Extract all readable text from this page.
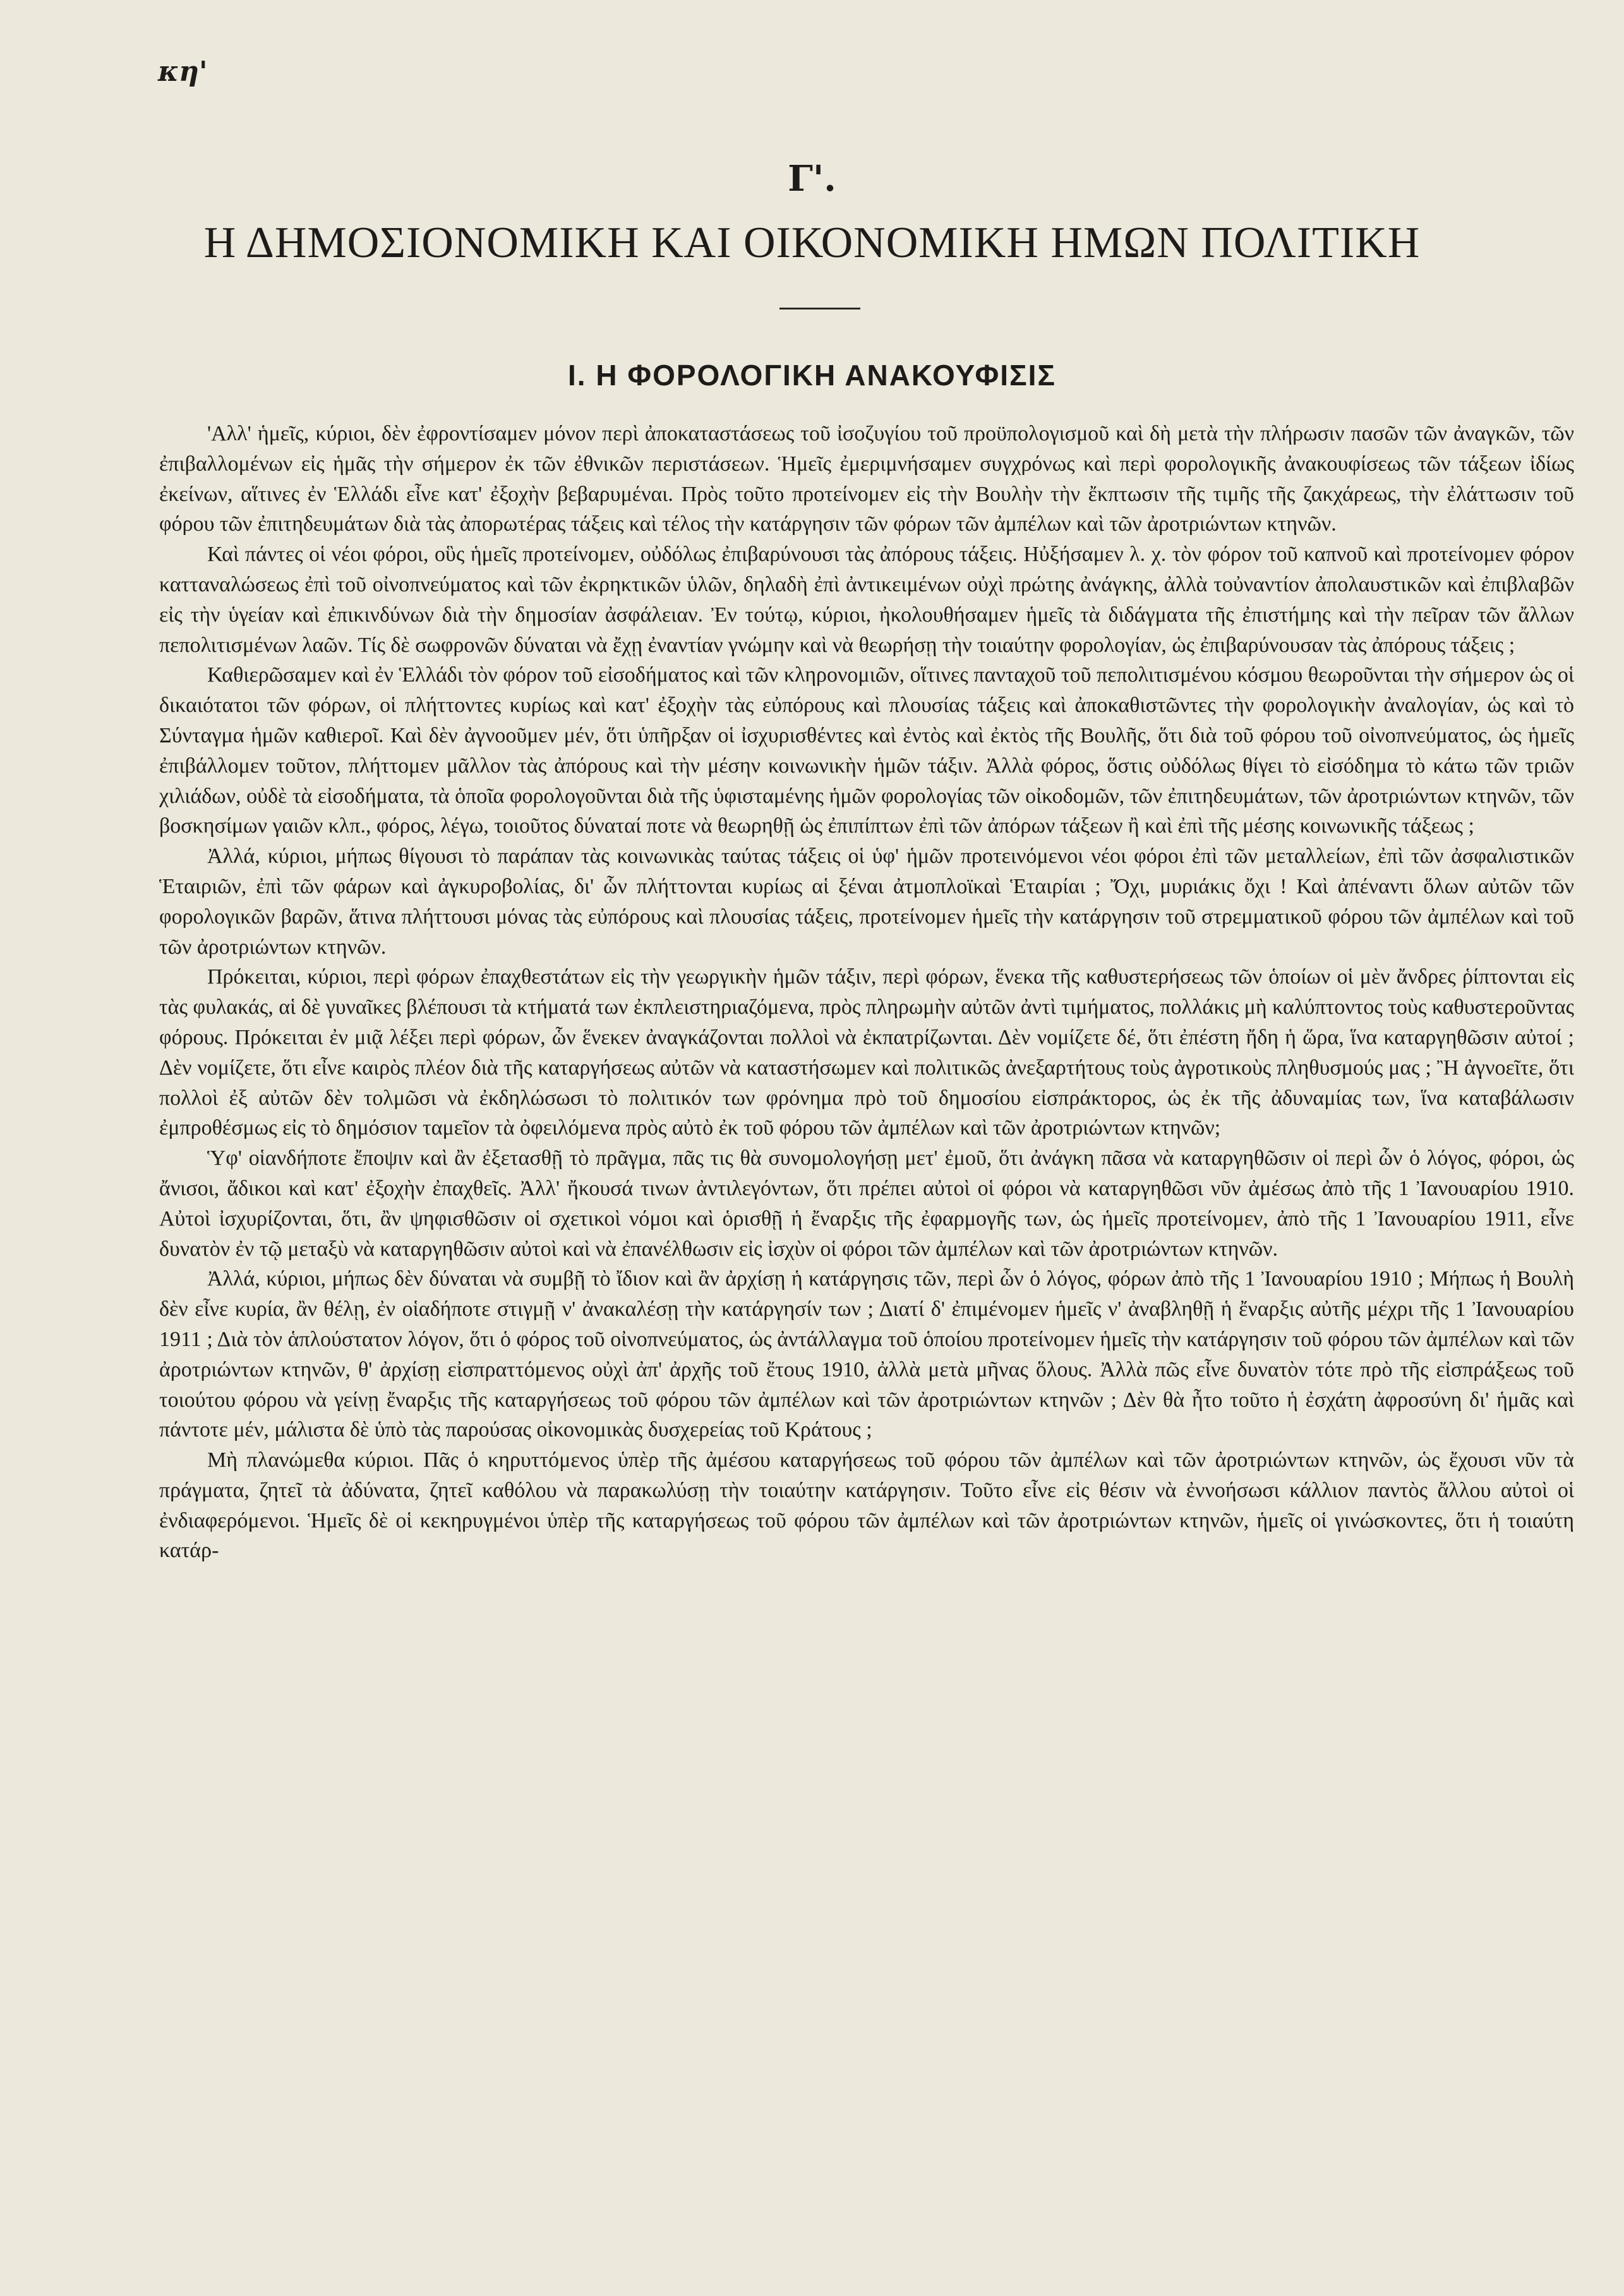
κη'
Γ'.
Η ΔΗΜΟΣΙΟΝΟΜΙΚΗ ΚΑΙ ΟΙΚΟΝΟΜΙΚΗ ΗΜΩΝ ΠΟΛΙΤΙΚΗ
I. Η ΦΟΡΟΛΟΓΙΚΗ ΑΝΑΚΟΥΦΙΣΙΣ

'Αλλ' ἡμεῖς, κύριοι, δὲν ἐφροντίσαμεν μόνον περὶ ἀποκαταστάσεως τοῦ ἰσοζυγίου τοῦ προϋπολογισμοῦ καὶ δὴ μετὰ τὴν πλήρωσιν πασῶν τῶν ἀναγκῶν, τῶν ἐπιβαλλομένων εἰς ἡμᾶς τὴν σήμερον ἐκ τῶν ἐθνικῶν περιστάσεων. Ἡμεῖς ἐμεριμνήσαμεν συγχρόνως καὶ περὶ φορολογικῆς ἀνακουφίσεως τῶν τάξεων ἰδίως ἐκείνων, αἵτινες ἐν Ἑλλάδι εἶνε κατ' ἐξοχὴν βεβαρυμέναι. Πρὸς τοῦτο προτείνομεν εἰς τὴν Βουλὴν τὴν ἔκπτωσιν τῆς τιμῆς τῆς ζακχάρεως, τὴν ἐλάττωσιν τοῦ φόρου τῶν ἐπιτηδευμάτων διὰ τὰς ἀπορωτέρας τάξεις καὶ τέλος τὴν κατάργησιν τῶν φόρων τῶν ἀμπέλων καὶ τῶν ἀροτριώντων κτηνῶν.

Καὶ πάντες οἱ νέοι φόροι, οὓς ἡμεῖς προτείνομεν, οὐδόλως ἐπιβαρύνουσι τὰς ἀπόρους τάξεις. Ηὐξήσαμεν λ. χ. τὸν φόρον τοῦ καπνοῦ καὶ προτείνομεν φόρον κατταναλώσεως ἐπὶ τοῦ οἰνοπνεύματος καὶ τῶν ἐκρηκτικῶν ὑλῶν, δηλαδὴ ἐπὶ ἀντικειμένων οὐχὶ πρώτης ἀνάγκης, ἀλλὰ τοὐναντίον ἀπολαυστικῶν καὶ ἐπιβλαβῶν εἰς τὴν ὑγείαν καὶ ἐπικινδύνων διὰ τὴν δημοσίαν ἀσφάλειαν. Ἐν τούτῳ, κύριοι, ἠκολουθήσαμεν ἡμεῖς τὰ διδάγματα τῆς ἐπιστήμης καὶ τὴν πεῖραν τῶν ἄλλων πεπολιτισμένων λαῶν. Τίς δὲ σωφρονῶν δύναται νὰ ἔχῃ ἐναντίαν γνώμην καὶ νὰ θεωρήσῃ τὴν τοιαύτην φορολογίαν, ὡς ἐπιβαρύνουσαν τὰς ἀπόρους τάξεις ;

Καθιερῶσαμεν καὶ ἐν Ἑλλάδι τὸν φόρον τοῦ εἰσοδήματος καὶ τῶν κληρονομιῶν, οἵτινες πανταχοῦ τοῦ πεπολιτισμένου κόσμου θεωροῦνται τὴν σήμερον ὡς οἱ δικαιότατοι τῶν φόρων, οἱ πλήττοντες κυρίως καὶ κατ' ἐξοχὴν τὰς εὐπόρους καὶ πλουσίας τάξεις καὶ ἀποκαθιστῶντες τὴν φορολογικὴν ἀναλογίαν, ὡς καὶ τὸ Σύνταγμα ἡμῶν καθιεροῖ. Καὶ δὲν ἀγνοοῦμεν μέν, ὅτι ὑπῆρξαν οἱ ἰσχυρισθέντες καὶ ἐντὸς καὶ ἐκτὸς τῆς Βουλῆς, ὅτι διὰ τοῦ φόρου τοῦ οἰνοπνεύματος, ὡς ἡμεῖς ἐπιβάλλομεν τοῦτον, πλήττομεν μᾶλλον τὰς ἀπόρους καὶ τὴν μέσην κοινωνικὴν ἡμῶν τάξιν. Ἀλλὰ φόρος, ὅστις οὐδόλως θίγει τὸ εἰσόδημα τὸ κάτω τῶν τριῶν χιλιάδων, οὐδὲ τὰ εἰσοδήματα, τὰ ὁποῖα φορολογοῦνται διὰ τῆς ὑφισταμένης ἡμῶν φορολογίας τῶν οἰκοδομῶν, τῶν ἐπιτηδευμάτων, τῶν ἀροτριώντων κτηνῶν, τῶν βοσκησίμων γαιῶν κλπ., φόρος, λέγω, τοιοῦτος δύναταί ποτε νὰ θεωρηθῇ ὡς ἐπιπίπτων ἐπὶ τῶν ἀπόρων τάξεων ἢ καὶ ἐπὶ τῆς μέσης κοινωνικῆς τάξεως ;

Ἀλλά, κύριοι, μήπως θίγουσι τὸ παράπαν τὰς κοινωνικὰς ταύτας τάξεις οἱ ὑφ' ἡμῶν προτεινόμενοι νέοι φόροι ἐπὶ τῶν μεταλλείων, ἐπὶ τῶν ἀσφαλιστικῶν Ἑταιριῶν, ἐπὶ τῶν φάρων καὶ ἀγκυροβολίας, δι' ὧν πλήττονται κυρίως αἱ ξέναι ἀτμοπλοϊκαὶ Ἑταιρίαι ; Ὄχι, μυριάκις ὄχι ! Καὶ ἀπέναντι ὅλων αὐτῶν τῶν φορολογικῶν βαρῶν, ἅτινα πλήττουσι μόνας τὰς εὐπόρους καὶ πλουσίας τάξεις, προτείνομεν ἡμεῖς τὴν κατάργησιν τοῦ στρεμματικοῦ φόρου τῶν ἀμπέλων καὶ τοῦ τῶν ἀροτριώντων κτηνῶν.

Πρόκειται, κύριοι, περὶ φόρων ἐπαχθεστάτων εἰς τὴν γεωργικὴν ἡμῶν τάξιν, περὶ φόρων, ἕνεκα τῆς καθυστερήσεως τῶν ὁποίων οἱ μὲν ἄνδρες ῥίπτονται εἰς τὰς φυλακάς, αἱ δὲ γυναῖκες βλέπουσι τὰ κτήματά των ἐκπλειστηριαζόμενα, πρὸς πληρωμὴν αὐτῶν ἀντὶ τιμήματος, πολλάκις μὴ καλύπτοντος τοὺς καθυστεροῦντας φόρους. Πρόκειται ἐν μιᾷ λέξει περὶ φόρων, ὧν ἕνεκεν ἀναγκάζονται πολλοὶ νὰ ἐκπατρίζωνται. Δὲν νομίζετε δέ, ὅτι ἐπέστη ἤδη ἡ ὥρα, ἵνα καταργηθῶσιν αὐτοί ; Δὲν νομίζετε, ὅτι εἶνε καιρὸς πλέον διὰ τῆς καταργήσεως αὐτῶν νὰ καταστήσωμεν καὶ πολιτικῶς ἀνεξαρτήτους τοὺς ἀγροτικοὺς πληθυσμούς μας ; Ἢ ἀγνοεῖτε, ὅτι πολλοὶ ἐξ αὐτῶν δὲν τολμῶσι νὰ ἐκδηλώσωσι τὸ πολιτικόν των φρόνημα πρὸ τοῦ δημοσίου εἰσπράκτορος, ὡς ἐκ τῆς ἀδυναμίας των, ἵνα καταβάλωσιν ἐμπροθέσμως εἰς τὸ δημόσιον ταμεῖον τὰ ὀφειλόμενα πρὸς αὐτὸ ἐκ τοῦ φόρου τῶν ἀμπέλων καὶ τῶν ἀροτριώντων κτηνῶν;

Ὑφ' οἱανδήποτε ἔποψιν καὶ ἂν ἐξετασθῇ τὸ πρᾶγμα, πᾶς τις θὰ συνομολογήσῃ μετ' ἐμοῦ, ὅτι ἀνάγκη πᾶσα νὰ καταργηθῶσιν οἱ περὶ ὧν ὁ λόγος, φόροι, ὡς ἄνισοι, ἄδικοι καὶ κατ' ἐξοχὴν ἐπαχθεῖς. Ἀλλ' ἤκουσά τινων ἀντιλεγόντων, ὅτι πρέπει αὐτοὶ οἱ φόροι νὰ καταργηθῶσι νῦν ἀμέσως ἀπὸ τῆς 1 Ἰανουαρίου 1910. Αὐτοὶ ἰσχυρίζονται, ὅτι, ἂν ψηφισθῶσιν οἱ σχετικοὶ νόμοι καὶ ὁρισθῇ ἡ ἔναρξις τῆς ἐφαρμογῆς των, ὡς ἡμεῖς προτείνομεν, ἀπὸ τῆς 1 Ἰανουαρίου 1911, εἶνε δυνατὸν ἐν τῷ μεταξὺ νὰ καταργηθῶσιν αὐτοὶ καὶ νὰ ἐπανέλθωσιν εἰς ἰσχὺν οἱ φόροι τῶν ἀμπέλων καὶ τῶν ἀροτριώντων κτηνῶν.

Ἀλλά, κύριοι, μήπως δὲν δύναται νὰ συμβῇ τὸ ἴδιον καὶ ἂν ἀρχίσῃ ἡ κατάργησις τῶν, περὶ ὧν ὁ λόγος, φόρων ἀπὸ τῆς 1 Ἰανουαρίου 1910 ; Μήπως ἡ Βουλὴ δὲν εἶνε κυρία, ἂν θέλῃ, ἐν οἱαδήποτε στιγμῇ ν' ἀνακαλέσῃ τὴν κατάργησίν των ; Διατί δ' ἐπιμένομεν ἡμεῖς ν' ἀναβληθῇ ἡ ἔναρξις αὐτῆς μέχρι τῆς 1 Ἰανουαρίου 1911 ; Διὰ τὸν ἁπλούστατον λόγον, ὅτι ὁ φόρος τοῦ οἰνοπνεύματος, ὡς ἀντάλλαγμα τοῦ ὁποίου προτείνομεν ἡμεῖς τὴν κατάργησιν τοῦ φόρου τῶν ἀμπέλων καὶ τῶν ἀροτριώντων κτηνῶν, θ' ἀρχίσῃ εἰσπραττόμενος οὐχὶ ἀπ' ἀρχῆς τοῦ ἔτους 1910, ἀλλὰ μετὰ μῆνας ὅλους. Ἀλλὰ πῶς εἶνε δυνατὸν τότε πρὸ τῆς εἰσπράξεως τοῦ τοιούτου φόρου νὰ γείνῃ ἔναρξις τῆς καταργήσεως τοῦ φόρου τῶν ἀμπέλων καὶ τῶν ἀροτριώντων κτηνῶν ; Δὲν θὰ ἦτο τοῦτο ἡ ἐσχάτη ἀφροσύνη δι' ἡμᾶς καὶ πάντοτε μέν, μάλιστα δὲ ὑπὸ τὰς παρούσας οἰκονομικὰς δυσχερείας τοῦ Κράτους ;

Μὴ πλανώμεθα κύριοι. Πᾶς ὁ κηρυττόμενος ὑπὲρ τῆς ἀμέσου καταργήσεως τοῦ φόρου τῶν ἀμπέλων καὶ τῶν ἀροτριώντων κτηνῶν, ὡς ἔχουσι νῦν τὰ πράγματα, ζητεῖ τὰ ἀδύνατα, ζητεῖ καθόλου νὰ παρακωλύσῃ τὴν τοιαύτην κατάργησιν. Τοῦτο εἶνε εἰς θέσιν νὰ ἐννοήσωσι κάλλιον παντὸς ἄλλου αὐτοὶ οἱ ἐνδιαφερόμενοι. Ἡμεῖς δὲ οἱ κεκηρυγμένοι ὑπὲρ τῆς καταργήσεως τοῦ φόρου τῶν ἀμπέλων καὶ τῶν ἀροτριώντων κτηνῶν, ἡμεῖς οἱ γινώσκοντες, ὅτι ἡ τοιαύτη κατάρ-
